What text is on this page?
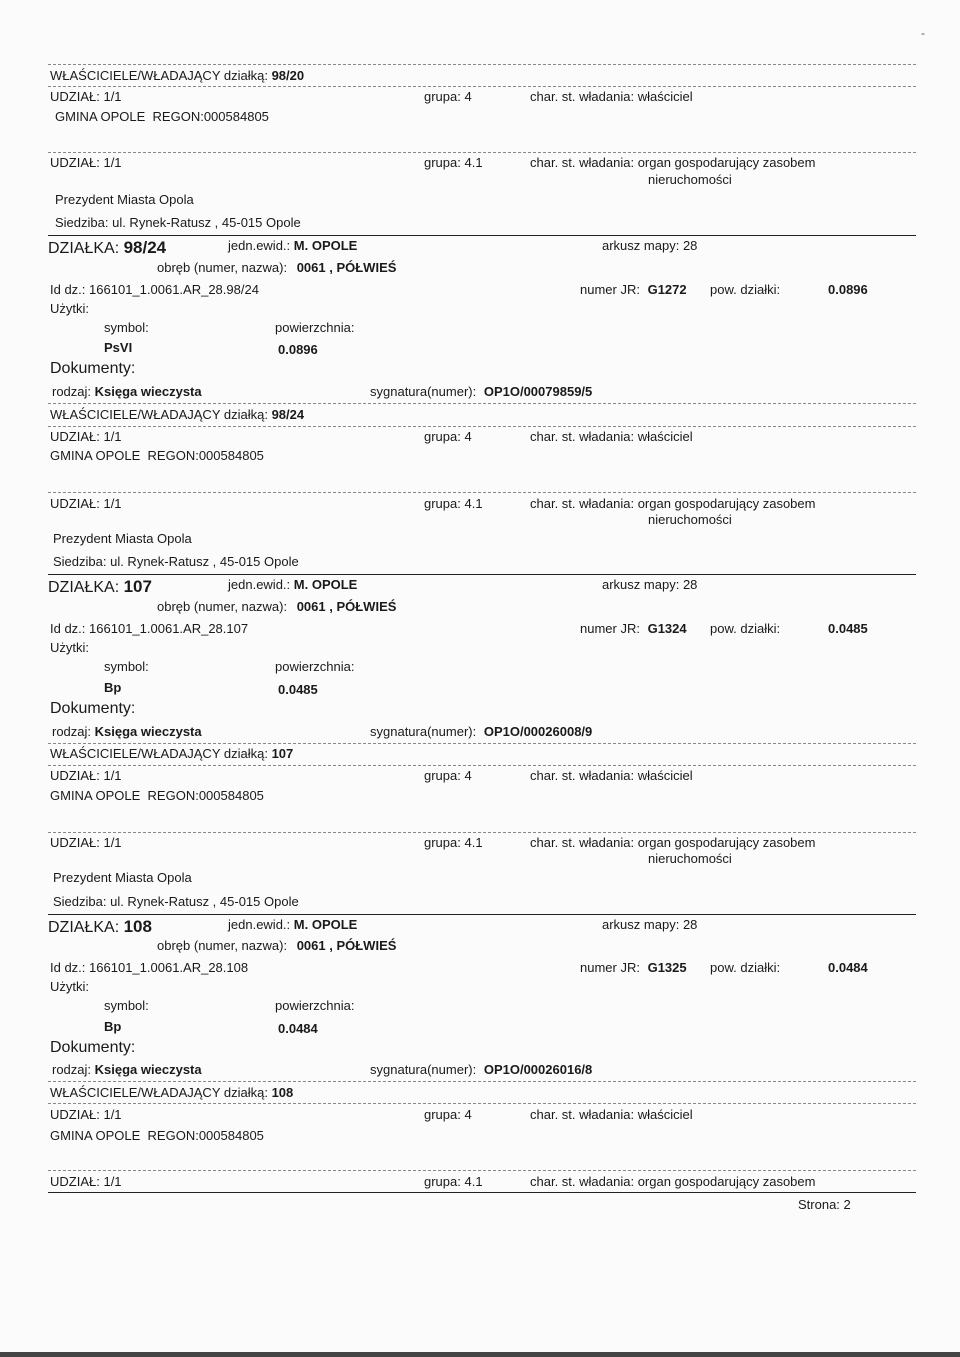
WŁAŚCICIELE/WŁADAJĄCY działką: 98/20
UDZIAŁ: 1/1	grupa: 4	char. st. władania: właściciel
GMINA OPOLE REGON:000584805
UDZIAŁ: 1/1	grupa: 4.1	char. st. władania: organ gospodarujący zasobem
nieruchomości
Prezydent Miasta Opola
Siedziba: ul. Rynek-Ratusz , 45-015 Opole
DZIAŁKA: 98/24	jedn.ewid.: M. OPOLE	arkusz mapy: 28
obręb (numer, nazwa): 0061 , PÓŁWIEŚ
Id dz.: 166101_1.0061.AR_28.98/24	numer JR: G1272 pow. działki:	0.0896
Użytki:
symbol:	powierzchnia:
PsVI	0.0896
Dokumenty:
rodzaj: Księga wieczysta	sygnatura(numer): OP1O/00079859/5
WŁAŚCICIELE/WŁADAJĄCY działką: 98/24
UDZIAŁ: 1/1	grupa: 4	char. st. władania: właściciel
GMINA OPOLE REGON:000584805
UDZIAŁ: 1/1	grupa: 4.1	char. st. władania: organ gospodarujący zasobem
nieruchomości
Prezydent Miasta Opola
Siedziba: ul. Rynek-Ratusz , 45-015 Opole
DZIAŁKA: 107	jedn.ewid.: M. OPOLE	arkusz mapy: 28
obręb (numer, nazwa): 0061 , PÓŁWIEŚ
Id dz.: 166101_1.0061.AR_28.107	numer JR: G1324 pow. działki:	0.0485
Użytki:
symbol:	powierzchnia:
Bp	0.0485
Dokumenty:
rodzaj: Księga wieczysta	sygnatura(numer): OP1O/00026008/9
WŁAŚCICIELE/WŁADAJĄCY działką: 107
UDZIAŁ: 1/1	grupa: 4	char. st. władania: właściciel
GMINA OPOLE REGON:000584805
UDZIAŁ: 1/1	grupa: 4.1	char. st. władania: organ gospodarujący zasobem
nieruchomości
Prezydent Miasta Opola
Siedziba: ul. Rynek-Ratusz , 45-015 Opole
DZIAŁKA: 108	jedn.ewid.: M. OPOLE	arkusz mapy: 28
obręb (numer, nazwa): 0061 , PÓŁWIEŚ
Id dz.: 166101_1.0061.AR_28.108	numer JR: G1325 pow. działki:	0.0484
Użytki:
symbol:	powierzchnia:
Bp	0.0484
Dokumenty:
rodzaj: Księga wieczysta	sygnatura(numer): OP1O/00026016/8
WŁAŚCICIELE/WŁADAJĄCY działką: 108
UDZIAŁ: 1/1	grupa: 4	char. st. władania: właściciel
GMINA OPOLE REGON:000584805
UDZIAŁ: 1/1	grupa: 4.1	char. st. władania: organ gospodarujący zasobem
Strona: 2
-
